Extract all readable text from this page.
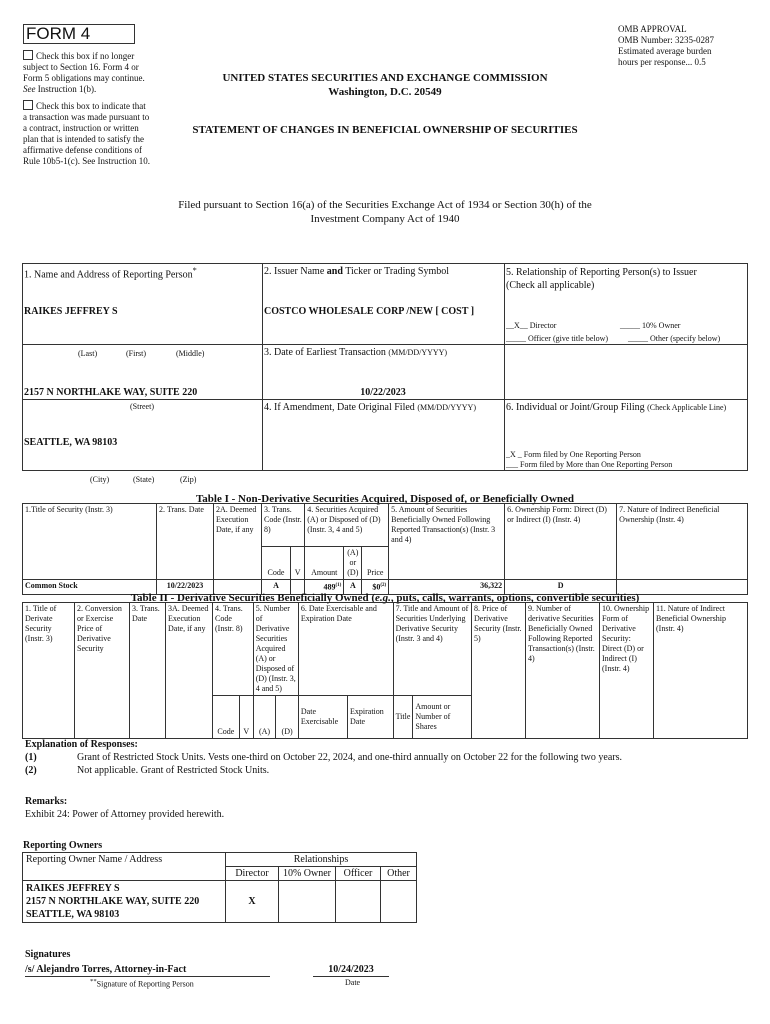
FORM 4
Check this box if no longer subject to Section 16. Form 4 or Form 5 obligations may continue. See Instruction 1(b).
Check this box to indicate that a transaction was made pursuant to a contract, instruction or written plan that is intended to satisfy the affirmative defense conditions of Rule 10b5-1(c). See Instruction 10.
UNITED STATES SECURITIES AND EXCHANGE COMMISSION
Washington, D.C. 20549
OMB APPROVAL
OMB Number: 3235-0287
Estimated average burden
hours per response... 0.5
STATEMENT OF CHANGES IN BENEFICIAL OWNERSHIP OF SECURITIES
Filed pursuant to Section 16(a) of the Securities Exchange Act of 1934 or Section 30(h) of the
Investment Company Act of 1940
1. Name and Address of Reporting Person*
RAIKES JEFFREY S
(Last)	(First)	(Middle)
2157 N NORTHLAKE WAY, SUITE 220
(Street)
SEATTLE, WA 98103
(City)	(State)	(Zip)
2. Issuer Name and Ticker or Trading Symbol
COSTCO WHOLESALE CORP /NEW [ COST ]
3. Date of Earliest Transaction (MM/DD/YYYY)
10/22/2023
4. If Amendment, Date Original Filed (MM/DD/YYYY)
5. Relationship of Reporting Person(s) to Issuer
(Check all applicable)
__X__ Director	_____ 10% Owner
_____ Officer (give title below) _____ Other (specify below)
6. Individual or Joint/Group Filing (Check Applicable Line)
_X _ Form filed by One Reporting Person
___ Form filed by More than One Reporting Person
Table I - Non-Derivative Securities Acquired, Disposed of, or Beneficially Owned
1.Title of Security (Instr. 3)	2. Trans. Date	2A. Deemed Execution Date, if any	3. Trans. Code (Instr. 8)		4. Securities Acquired (A) or Disposed of (D) (Instr. 3, 4 and 5)			5. Amount of Securities Beneficially Owned Following Reported Transaction(s) (Instr. 3 and 4)	6. Ownership Form: Direct (D) or Indirect (I) (Instr. 4)	7. Nature of Indirect Beneficial Ownership (Instr. 4)
			Code	V	Amount	(A) or (D)	Price			
Common Stock	10/22/2023		A		489$^{(1)}$	A	$0$^{(2)}$	36,322	D	
Table II - Derivative Securities Beneficially Owned (e.g., puts, calls, warrants, options, convertible securities)
1. Title of Derivate Security (Instr. 3)	2. Conversion or Exercise Price of Derivative Security	3. Trans. Date	3A. Deemed Execution Date, if any	4. Trans. Code (Instr. 8)		5. Number of Derivative Securities Acquired (A) or Disposed of (D) (Instr. 3, 4 and 5)		6. Date Exercisable and Expiration Date		7. Title and Amount of Securities Underlying Derivative Security (Instr. 3 and 4)		8. Price of Derivative Security (Instr. 5)	9. Number of derivative Securities Beneficially Owned Following Reported Transaction(s) (Instr. 4)	10. Ownership Form of Derivative Security: Direct (D) or Indirect (I) (Instr. 4)	11. Nature of Indirect Beneficial Ownership (Instr. 4)
				Code	V	(A)	(D)	Date Exercisable	Expiration Date	Title	Amount or Number of Shares				
Explanation of Responses:
(1)	Grant of Restricted Stock Units. Vests one-third on October 22, 2024, and one-third annually on October 22 for the following two years.
(2)	Not applicable. Grant of Restricted Stock Units.
Remarks:
Exhibit 24: Power of Attorney provided herewith.
Reporting Owners
Reporting Owner Name / Address	Relationships			
	Director	10% Owner	Officer	Other

RAIKES JEFFREY S
2157 N NORTHLAKE WAY, SUITE 220
SEATTLE, WA 98103	X			
Signatures
/s/ Alejandro Torres, Attorney-in-Fact	10/24/2023
**Signature of Reporting Person	Date
